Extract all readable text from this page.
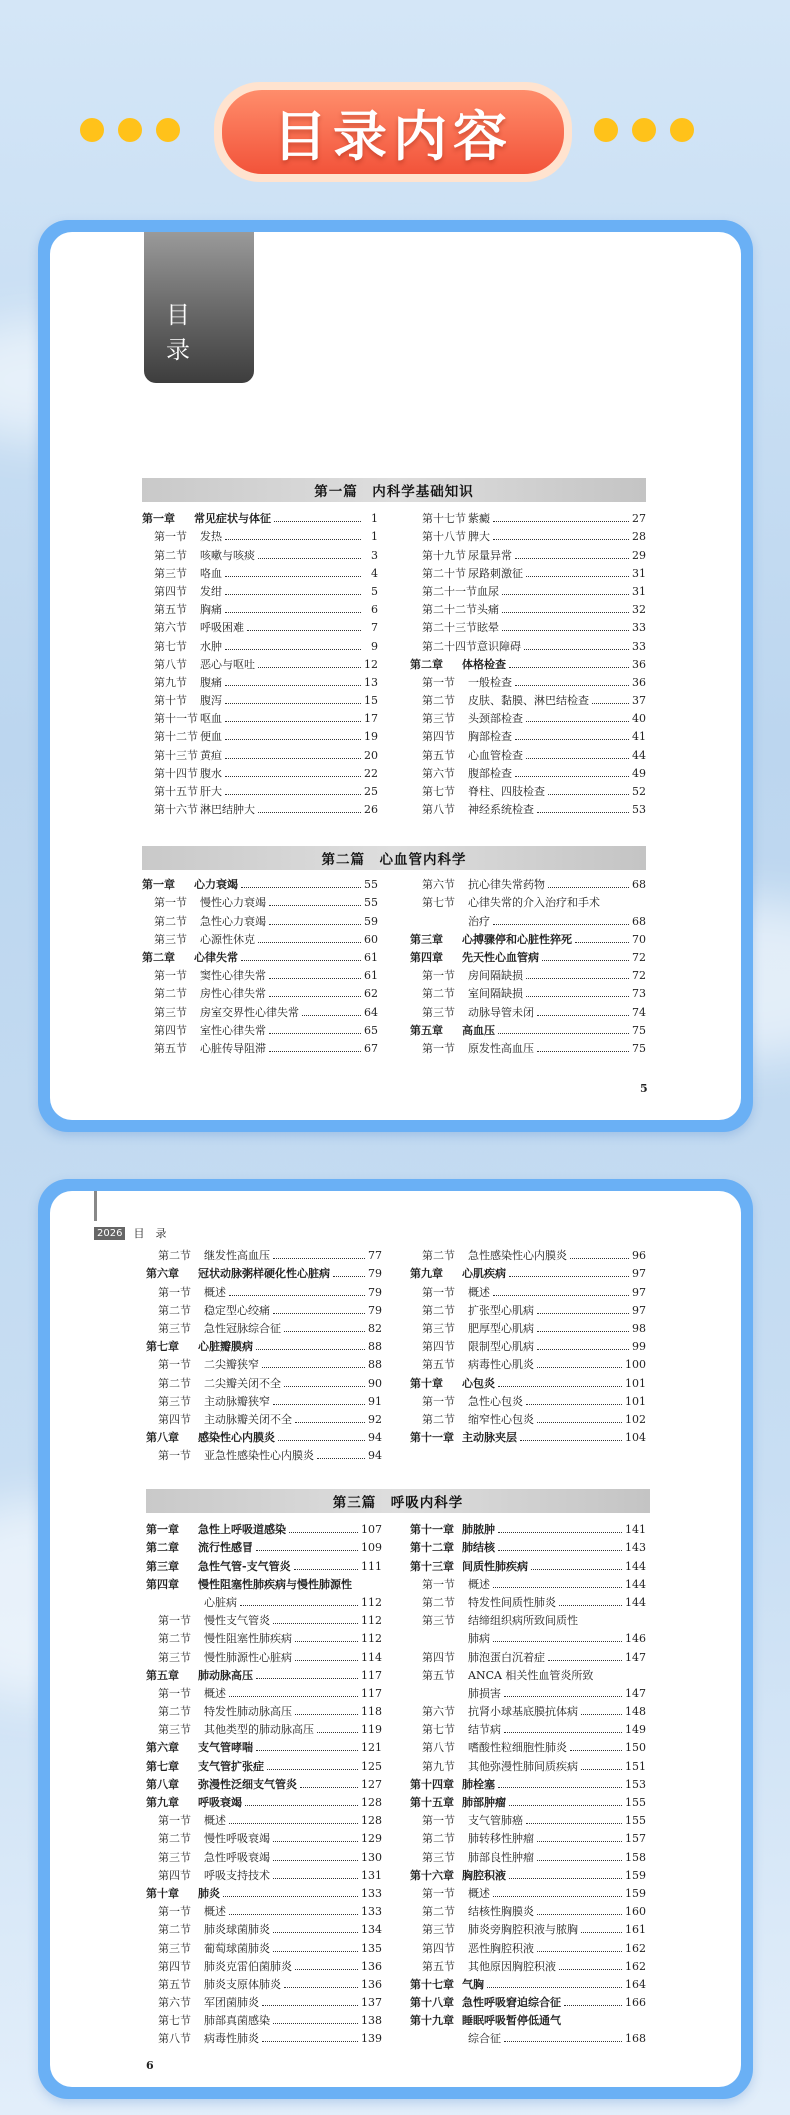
目录内容
目 录
第一篇　内科学基础知识
第一章 常见症状与体征	1
第一节 发热	1
第二节 咳嗽与咳痰	3
第三节 咯血	4
第四节 发绀	5
第五节 胸痛	6
第六节 呼吸困难	7
第七节 水肿	9
第八节 恶心与呕吐	12
第九节 腹痛	13
第十节 腹泻	15
第十一节 呕血	17
第十二节 便血	19
第十三节 黄疸	20
第十四节 腹水	22
第十五节 肝大	25
第十六节 淋巴结肿大	26
第十七节 紫癜	27
第十八节 脾大	28
第十九节 尿量异常	29
第二十节 尿路刺激征	31
第二十一节血尿	31
第二十二节头痛	32
第二十三节眩晕	33
第二十四节意识障碍	33
第二章 体格检查	36
第一节 一般检查	36
第二节 皮肤、黏膜、淋巴结检查	37
第三节 头颈部检查	40
第四节 胸部检查	41
第五节 心血管检查	44
第六节 腹部检查	49
第七节 脊柱、四肢检查	52
第八节 神经系统检查	53
第二篇　心血管内科学
第一章 心力衰竭	55
第一节 慢性心力衰竭	55
第二节 急性心力衰竭	59
第三节 心源性休克	60
第二章 心律失常	61
第一节 窦性心律失常	61
第二节 房性心律失常	62
第三节 房室交界性心律失常	64
第四节 室性心律失常	65
第五节 心脏传导阻滞	67
第六节 抗心律失常药物	68
第七节 心律失常的介入治疗和手术
治疗	68
第三章 心搏骤停和心脏性猝死	70
第四章 先天性心血管病	72
第一节 房间隔缺损	72
第二节 室间隔缺损	73
第三节 动脉导管未闭	74
第五章 高血压	75
第一节 原发性高血压	75
5
2026 目　录
第二节 继发性高血压	77
第六章 冠状动脉粥样硬化性心脏病	79
第一节 概述	79
第二节 稳定型心绞痛	79
第三节 急性冠脉综合征	82
第七章 心脏瓣膜病	88
第一节 二尖瓣狭窄	88
第二节 二尖瓣关闭不全	90
第三节 主动脉瓣狭窄	91
第四节 主动脉瓣关闭不全	92
第八章 感染性心内膜炎	94
第一节 亚急性感染性心内膜炎	94
第二节 急性感染性心内膜炎	96
第九章 心肌疾病	97
第一节 概述	97
第二节 扩张型心肌病	97
第三节 肥厚型心肌病	98
第四节 限制型心肌病	99
第五节 病毒性心肌炎	100
第十章 心包炎	101
第一节 急性心包炎	101
第二节 缩窄性心包炎	102
第十一章 主动脉夹层	104
第三篇　呼吸内科学
第一章 急性上呼吸道感染	107
第二章 流行性感冒	109
第三章 急性气管-支气管炎	111
第四章 慢性阻塞性肺疾病与慢性肺源性
心脏病	112
第一节 慢性支气管炎	112
第二节 慢性阻塞性肺疾病	112
第三节 慢性肺源性心脏病	114
第五章 肺动脉高压	117
第一节 概述	117
第二节 特发性肺动脉高压	118
第三节 其他类型的肺动脉高压	119
第六章 支气管哮喘	121
第七章 支气管扩张症	125
第八章 弥漫性泛细支气管炎	127
第九章 呼吸衰竭	128
第一节 概述	128
第二节 慢性呼吸衰竭	129
第三节 急性呼吸衰竭	130
第四节 呼吸支持技术	131
第十章 肺炎	133
第一节 概述	133
第二节 肺炎球菌肺炎	134
第三节 葡萄球菌肺炎	135
第四节 肺炎克雷伯菌肺炎	136
第五节 肺炎支原体肺炎	136
第六节 军团菌肺炎	137
第七节 肺部真菌感染	138
第八节 病毒性肺炎	139
第十一章 肺脓肿	141
第十二章 肺结核	143
第十三章 间质性肺疾病	144
第一节 概述	144
第二节 特发性间质性肺炎	144
第三节 结缔组织病所致间质性
肺病	146
第四节 肺泡蛋白沉着症	147
第五节 ANCA 相关性血管炎所致
肺损害	147
第六节 抗肾小球基底膜抗体病	148
第七节 结节病	149
第八节 嗜酸性粒细胞性肺炎	150
第九节 其他弥漫性肺间质疾病	151
第十四章 肺栓塞	153
第十五章 肺部肿瘤	155
第一节 支气管肺癌	155
第二节 肺转移性肿瘤	157
第三节 肺部良性肿瘤	158
第十六章 胸腔积液	159
第一节 概述	159
第二节 结核性胸膜炎	160
第三节 肺炎旁胸腔积液与脓胸	161
第四节 恶性胸腔积液	162
第五节 其他原因胸腔积液	162
第十七章 气胸	164
第十八章 急性呼吸窘迫综合征	166
第十九章 睡眠呼吸暂停低通气
综合征	168
6
